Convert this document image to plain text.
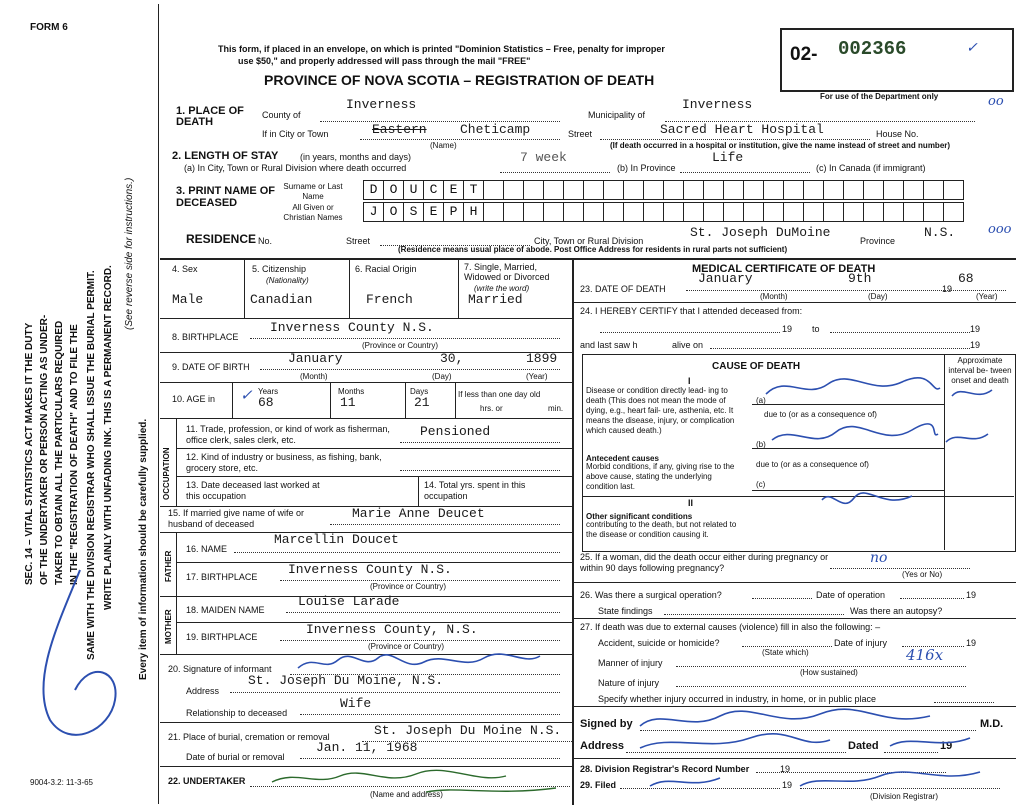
FORM 6
SEC. 14 – VITAL STATISTICS ACT MAKES IT THE DUTY OF THE UNDERTAKER OR PERSON ACTING AS UNDER- TAKER TO OBTAIN ALL THE PARTICULARS REQUIRED IN THE "REGISTRATION OF DEATH" AND TO FILE THE SAME WITH THE DIVISION REGISTRAR WHO SHALL ISSUE THE BURIAL PERMIT. WRITE PLAINLY WITH UNFADING INK. THIS IS A PERMANENT RECORD.
(See reverse side for instructions.)
Every item of information should be carefully supplied.
This form, if placed in an envelope, on which is printed "Dominion Statistics – Free, penalty for improper
use $50," and properly addressed will pass through the mail "FREE"
PROVINCE OF NOVA SCOTIA – REGISTRATION OF DEATH
02- 002366	✓
For use of the Department only
1. PLACE OF DEATH
County of
Inverness
Municipality of
Inverness
If in City or Town	Eastern	Cheticamp
(Name)
Street	Sacred Heart Hospital	House No.
(If death occurred in a hospital or institution, give the name instead of street and number)
oo
2. LENGTH OF STAY (in years, months and days)
(a) In City, Town or Rural Division where death occurred
7 week
(b) In Province
Life
(c) In Canada (if immigrant)
3. PRINT NAME OF DECEASED
Surname or Last Name
All Given or Christian Names
D O U C E T
J O S E P H
RESIDENCE No.	Street
St. Joseph DuMoine
City, Town or Rural Division	Province
N.S.
(Residence means usual place of abode. Post Office Address for residents in rural parts not sufficient)
ooo
4. Sex
Male
5. Citizenship
(Nationality)
Canadian
6. Racial Origin
French
7. Single, Married, Widowed or Divorced
(write the word)
Married
8. BIRTHPLACE
Inverness County N.S.
(Province or Country)
9. DATE OF BIRTH
January	30,	1899
(Month)	(Day)	(Year)
10. AGE in ✓ Years
68
Months
11
Days
21
If less than one day old
hrs. or	min.
OCCUPATION
11. Trade, profession, or kind of work as fisherman, office clerk, sales clerk, etc.
Pensioned
12. Kind of industry or business, as fishing, bank, grocery store, etc.
13. Date deceased last worked at this occupation
14. Total yrs. spent in this occupation
15. If married give name of wife or husband of deceased
Marie Anne Deucet
FATHER
16. NAME
Marcellin Doucet
17. BIRTHPLACE Inverness County N.S.
(Province or Country)
MOTHER 18. MAIDEN NAME
Louise Larade
19. BIRTHPLACE	Inverness County, N.S.
(Province or Country)
20. Signature of informant
Address
St. Joseph Du Moine, N.S.
Relationship to deceased
Wife
21. Place of burial, cremation or removal	St. Joseph Du Moine N.S.
Date of burial or removal
Jan. 11, 1968
22. UNDERTAKER
(Name and address)
9004-3.2: 11-3-65
MEDICAL CERTIFICATE OF DEATH
23. DATE OF DEATH
January	9th
19
68
(Month)	(Day)	(Year)
24. I HEREBY CERTIFY that I attended deceased from:
19 to	19
and last saw h	alive on	19
CAUSE OF DEATH
Approximate interval be- tween onset and death
I
Disease or condition directly lead- ing to death (This does not mean the mode of dying, e.g., heart fail- ure, asthenia, etc. It means the disease, injury, or complication which caused death.)
(a)
due to (or as a consequence of)
(b)
Antecedent causes
Morbid conditions, if any, giving rise to the above cause, stating the underlying condition last.
due to (or as a consequence of)
(c)
II
Other significant conditions
contributing to the death, but not related to the disease or condition causing it.
25. If a woman, did the death occur either during pregnancy or within 90 days following pregnancy?
no
(Yes or No)
26. Was there a surgical operation?	Date of operation	19
State findings	Was there an autopsy?
27. If death was due to external causes (violence) fill in also the following: –
Accident, suicide or homicide?
(State which)
Date of injury	19
416x
Manner of injury
(How sustained)
Nature of injury
Specify whether injury occurred in industry, in home, or in public place
Signed by	M.D.
Address	Dated	19
28. Division Registrar's Record Number	19
29. Filed	19
(Division Registrar)
